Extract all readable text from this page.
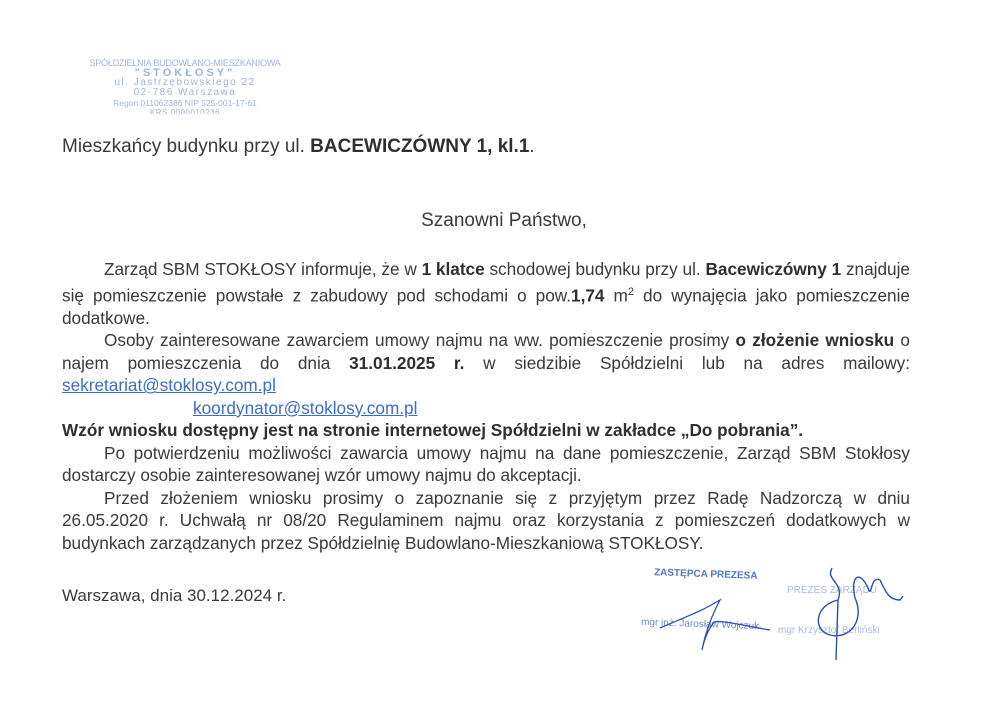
SPÓŁDZIELNIA BUDOWLANO-MIESZKANIOWA
"STOKŁOSY"
ul. Jastrzębowskiego 22
02-786 Warszawa
Regon 011062386 NIP 525-001-17-61
KRS 0000010236
Mieszkańcy budynku przy ul. BACEWICZÓWNY 1, kl.1.
Szanowni Państwo,

Zarząd SBM STOKŁOSY informuje, że w 1 klatce schodowej budynku przy ul. Bacewiczówny 1 znajduje się pomieszczenie powstałe z zabudowy pod schodami o pow.1,74 $m^2$ do wynajęcia jako pomieszczenie dodatkowe.

Osoby zainteresowane zawarciem umowy najmu na ww. pomieszczenie prosimy o złożenie wniosku o najem pomieszczenia do dnia 31.01.2025 r. w siedzibie Spółdzielni lub na adres mailowy: sekretariat@stoklosy.com.pl

koordynator@stoklosy.com.pl

Wzór wniosku dostępny jest na stronie internetowej Spółdzielni w zakładce „Do pobrania”.

Po potwierdzeniu możliwości zawarcia umowy najmu na dane pomieszczenie, Zarząd SBM Stokłosy dostarczy osobie zainteresowanej wzór umowy najmu do akceptacji.

Przed złożeniem wniosku prosimy o zapoznanie się z przyjętym przez Radę Nadzorczą w dniu 26.05.2020 r. Uchwałą nr 08/20 Regulaminem najmu oraz korzystania z pomieszczeń dodatkowych w budynkach zarządzanych przez Spółdzielnię Budowlano-Mieszkaniową STOKŁOSY.

Warszawa, dnia 30.12.2024 r.
ZASTĘPCA PREZESA
PREZES ZARZĄDU
mgr inż. Jarosław Wojczuk mgr Krzysztof Berliński
